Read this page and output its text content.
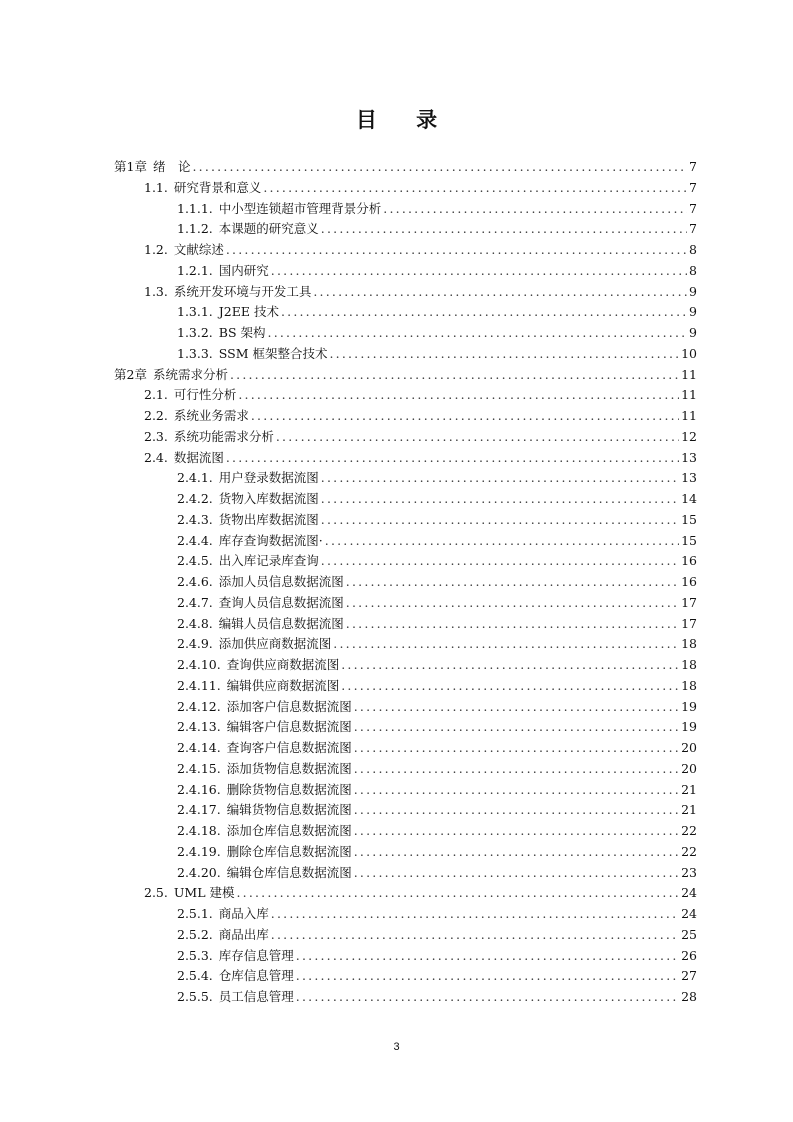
目 录
第1章 绪　论 .....	7
1.1. 研究背景和意义 .....	7
1.1.1. 中小型连锁超市管理背景分析 .....	7
1.1.2. 本课题的研究意义 .....	7
1.2. 文献综述 .....	8
1.2.1. 国内研究 .....	8
1.3. 系统开发环境与开发工具 .....	9
1.3.1. J2EE 技术 .....	9
1.3.2. BS 架构 .....	9
1.3.3. SSM 框架整合技术 .....	10
第2章 系统需求分析 .....	11
2.1. 可行性分析 .....	11
2.2. 系统业务需求 .....	11
2.3. 系统功能需求分析 .....	12
2.4. 数据流图 .....	13
2.4.1. 用户登录数据流图 .....	13
2.4.2. 货物入库数据流图 .....	14
2.4.3. 货物出库数据流图 .....	15
2.4.4. 库存查询数据流图· .....	15
2.4.5. 出入库记录库查询 .....	16
2.4.6. 添加人员信息数据流图 .....	16
2.4.7. 查询人员信息数据流图 .....	17
2.4.8. 编辑人员信息数据流图 .....	17
2.4.9. 添加供应商数据流图 .....	18
2.4.10. 查询供应商数据流图 .....	18
2.4.11. 编辑供应商数据流图 .....	18
2.4.12. 添加客户信息数据流图 .....	19
2.4.13. 编辑客户信息数据流图 .....	19
2.4.14. 查询客户信息数据流图 .....	20
2.4.15. 添加货物信息数据流图 .....	20
2.4.16. 删除货物信息数据流图 .....	21
2.4.17. 编辑货物信息数据流图 .....	21
2.4.18. 添加仓库信息数据流图 .....	22
2.4.19. 删除仓库信息数据流图 .....	22
2.4.20. 编辑仓库信息数据流图 .....	23
2.5. UML 建模 .....	24
2.5.1. 商品入库 .....	24
2.5.2. 商品出库 .....	25
2.5.3. 库存信息管理 .....	26
2.5.4. 仓库信息管理 .....	27
2.5.5. 员工信息管理 .....	28
3
